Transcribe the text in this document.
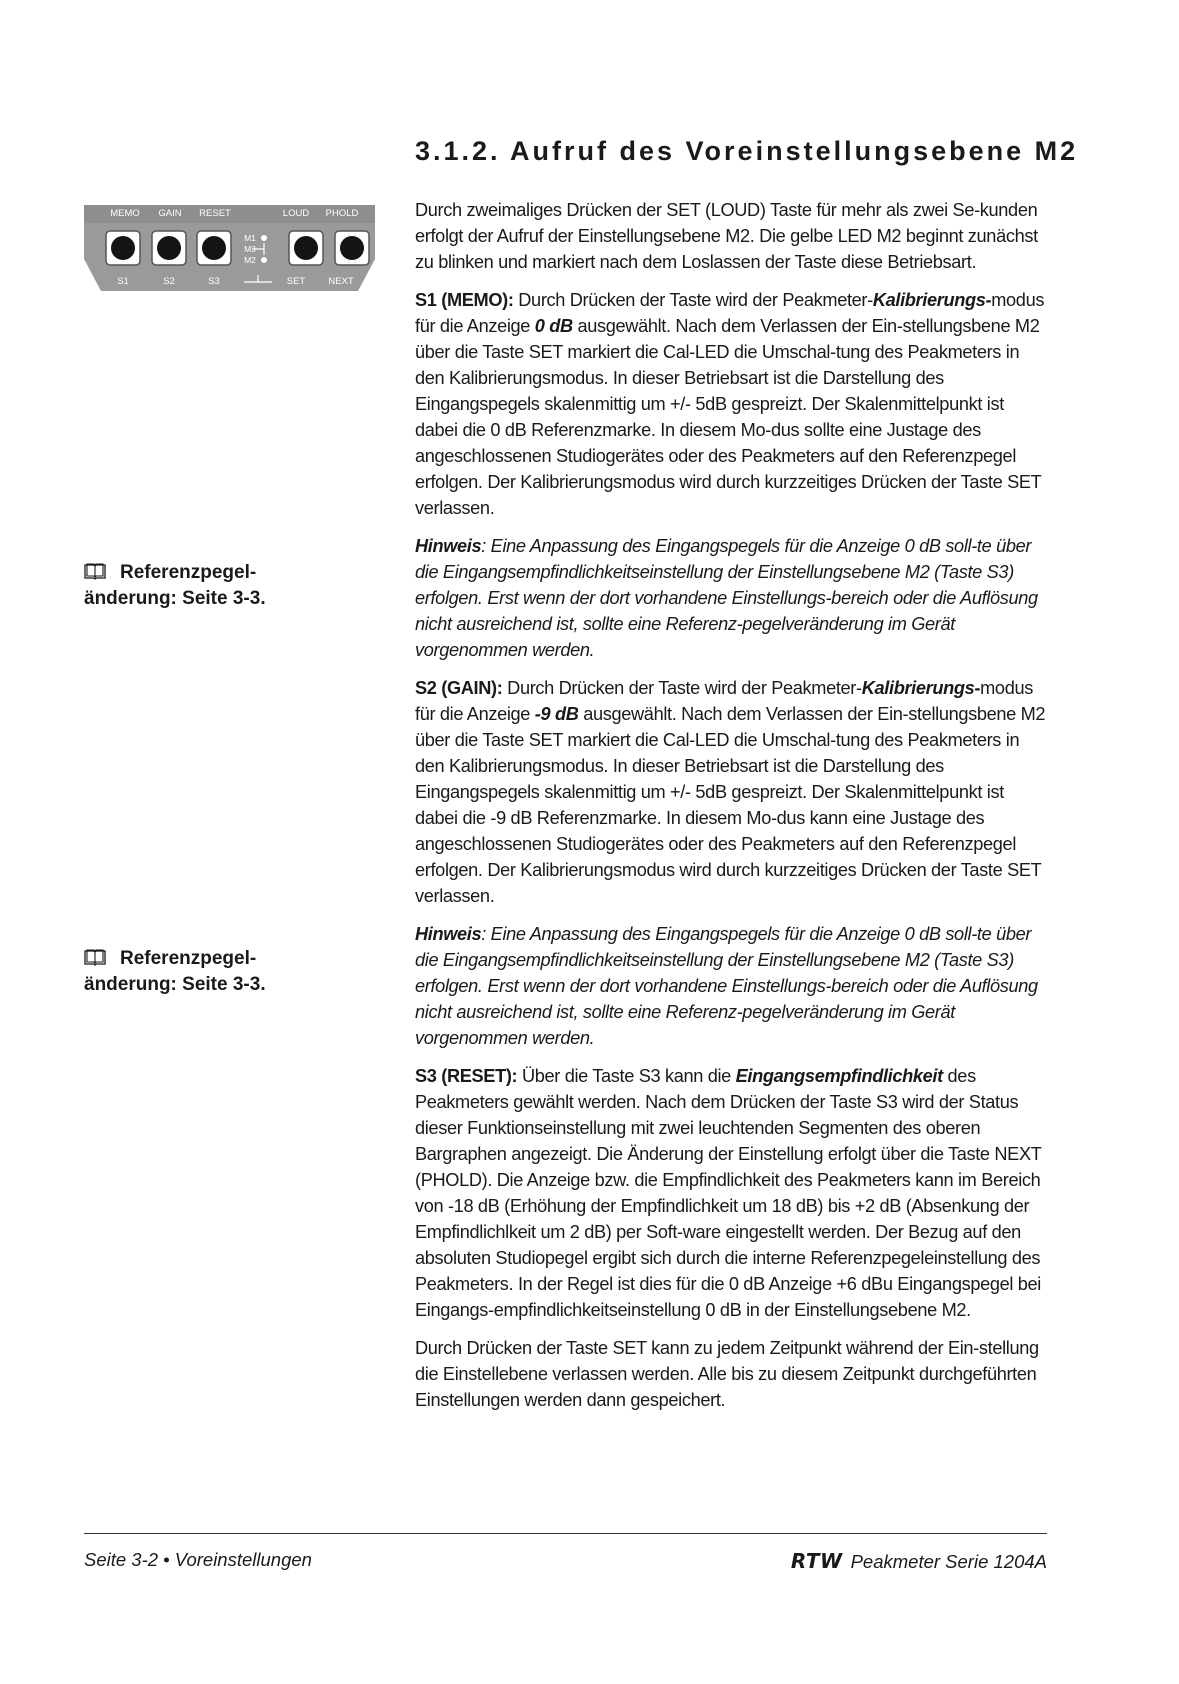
3.1.2. Aufruf des Voreinstellungsebene M2
MEMO GAIN RESET	LOUD PHOLD
S1	S2	S3	SET NEXT
M1
M3
M2
Referenzpegel-
änderung: Seite 3-3.
Referenzpegel-
änderung: Seite 3-3.

Durch zweimaliges Drücken der SET (LOUD) Taste für mehr als zwei Se-kunden erfolgt der Aufruf der Einstellungsebene M2. Die gelbe LED M2 beginnt zunächst zu blinken und markiert nach dem Loslassen der Taste diese Betriebsart.

S1 (MEMO): Durch Drücken der Taste wird der Peakmeter-Kalibrierungs-modus für die Anzeige 0 dB ausgewählt. Nach dem Verlassen der Ein-stellungsbene M2 über die Taste SET markiert die Cal-LED die Umschal-tung des Peakmeters in den Kalibrierungsmodus. In dieser Betriebsart ist die Darstellung des Eingangspegels skalenmittig um +/- 5dB gespreizt. Der Skalenmittelpunkt ist dabei die 0 dB Referenzmarke. In diesem Mo-dus sollte eine Justage des angeschlossenen Studiogerätes oder des Peakmeters auf den Referenzpegel erfolgen. Der Kalibrierungsmodus wird durch kurzzeitiges Drücken der Taste SET verlassen.

Hinweis: Eine Anpassung des Eingangspegels für die Anzeige 0 dB soll-te über die Eingangsempfindlichkeitseinstellung der Einstellungsebene M2 (Taste S3) erfolgen. Erst wenn der dort vorhandene Einstellungs-bereich oder die Auflösung nicht ausreichend ist, sollte eine Referenz-pegelveränderung im Gerät vorgenommen werden.

S2 (GAIN): Durch Drücken der Taste wird der Peakmeter-Kalibrierungs-modus für die Anzeige -9 dB ausgewählt. Nach dem Verlassen der Ein-stellungsbene M2 über die Taste SET markiert die Cal-LED die Umschal-tung des Peakmeters in den Kalibrierungsmodus. In dieser Betriebsart ist die Darstellung des Eingangspegels skalenmittig um +/- 5dB gespreizt. Der Skalenmittelpunkt ist dabei die -9 dB Referenzmarke. In diesem Mo-dus kann eine Justage des angeschlossenen Studiogerätes oder des Peakmeters auf den Referenzpegel erfolgen. Der Kalibrierungsmodus wird durch kurzzeitiges Drücken der Taste SET verlassen.

Hinweis: Eine Anpassung des Eingangspegels für die Anzeige 0 dB soll-te über die Eingangsempfindlichkeitseinstellung der Einstellungsebene M2 (Taste S3) erfolgen. Erst wenn der dort vorhandene Einstellungs-bereich oder die Auflösung nicht ausreichend ist, sollte eine Referenz-pegelveränderung im Gerät vorgenommen werden.

S3 (RESET): Über die Taste S3 kann die Eingangsempfindlichkeit des Peakmeters gewählt werden. Nach dem Drücken der Taste S3 wird der Status dieser Funktionseinstellung mit zwei leuchtenden Segmenten des oberen Bargraphen angezeigt. Die Änderung der Einstellung erfolgt über die Taste NEXT (PHOLD). Die Anzeige bzw. die Empfindlichkeit des Peakmeters kann im Bereich von -18 dB (Erhöhung der Empfindlichkeit um 18 dB) bis +2 dB (Absenkung der Empfindlichlkeit um 2 dB) per Soft-ware eingestellt werden. Der Bezug auf den absoluten Studiopegel ergibt sich durch die interne Referenzpegeleinstellung des Peakmeters. In der Regel ist dies für die 0 dB Anzeige +6 dBu Eingangspegel bei Eingangs-empfindlichkeitseinstellung 0 dB in der Einstellungsebene M2.

Durch Drücken der Taste SET kann zu jedem Zeitpunkt während der Ein-stellung die Einstellebene verlassen werden. Alle bis zu diesem Zeitpunkt durchgeführten Einstellungen werden dann gespeichert.

Seite 3-2 • Voreinstellungen	RTW Peakmeter Serie 1204A
